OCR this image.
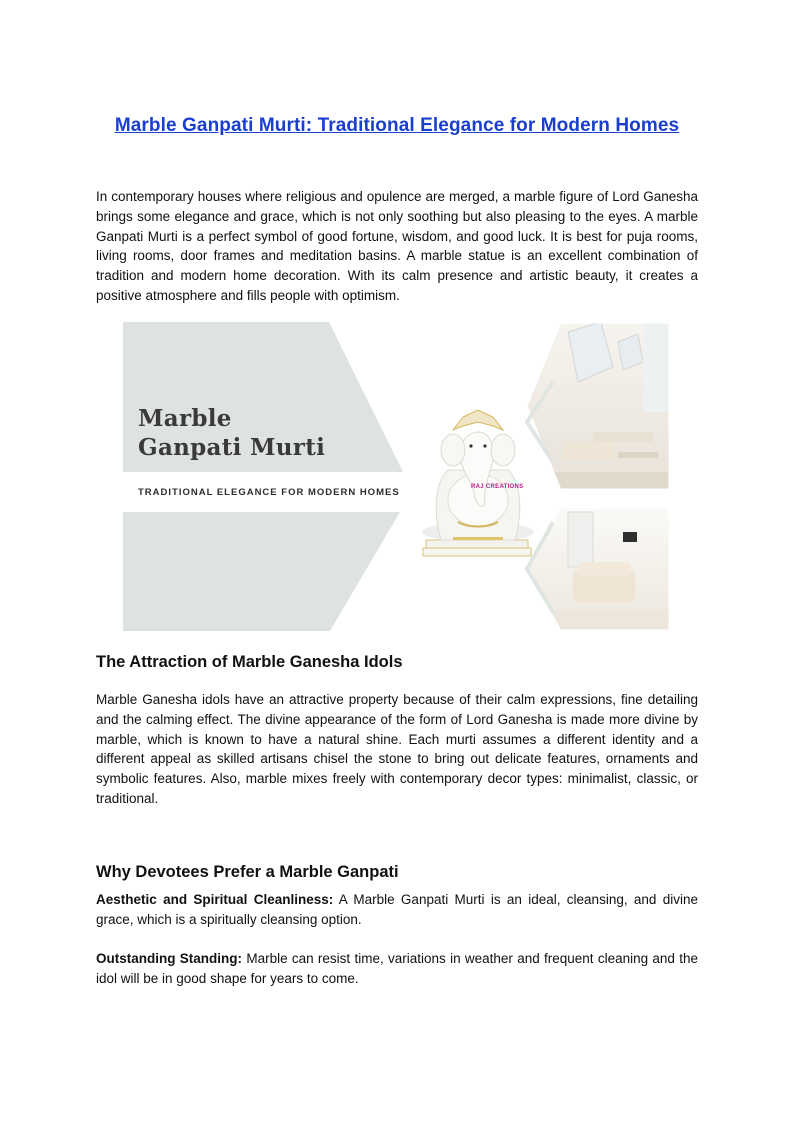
Marble Ganpati Murti: Traditional Elegance for Modern Homes

In contemporary houses where religious and opulence are merged, a marble figure of Lord Ganesha brings some elegance and grace, which is not only soothing but also pleasing to the eyes. A marble Ganpati Murti is a perfect symbol of good fortune, wisdom, and good luck. It is best for puja rooms, living rooms, door frames and meditation basins. A marble statue is an excellent combination of tradition and modern home decoration. With its calm presence and artistic beauty, it creates a positive atmosphere and fills people with optimism.

Marble
Ganpati Murti
TRADITIONAL ELEGANCE FOR MODERN HOMES	RAJ CREATIONS
The Attraction of Marble Ganesha Idols

Marble Ganesha idols have an attractive property because of their calm expressions, fine detailing and the calming effect. The divine appearance of the form of Lord Ganesha is made more divine by marble, which is known to have a natural shine. Each murti assumes a different identity and a different appeal as skilled artisans chisel the stone to bring out delicate features, ornaments and symbolic features. Also, marble mixes freely with contemporary decor types: minimalist, classic, or traditional.

Why Devotees Prefer a Marble Ganpati

Aesthetic and Spiritual Cleanliness: A Marble Ganpati Murti is an ideal, cleansing, and divine grace, which is a spiritually cleansing option.

Outstanding Standing: Marble can resist time, variations in weather and frequent cleaning and the idol will be in good shape for years to come.
